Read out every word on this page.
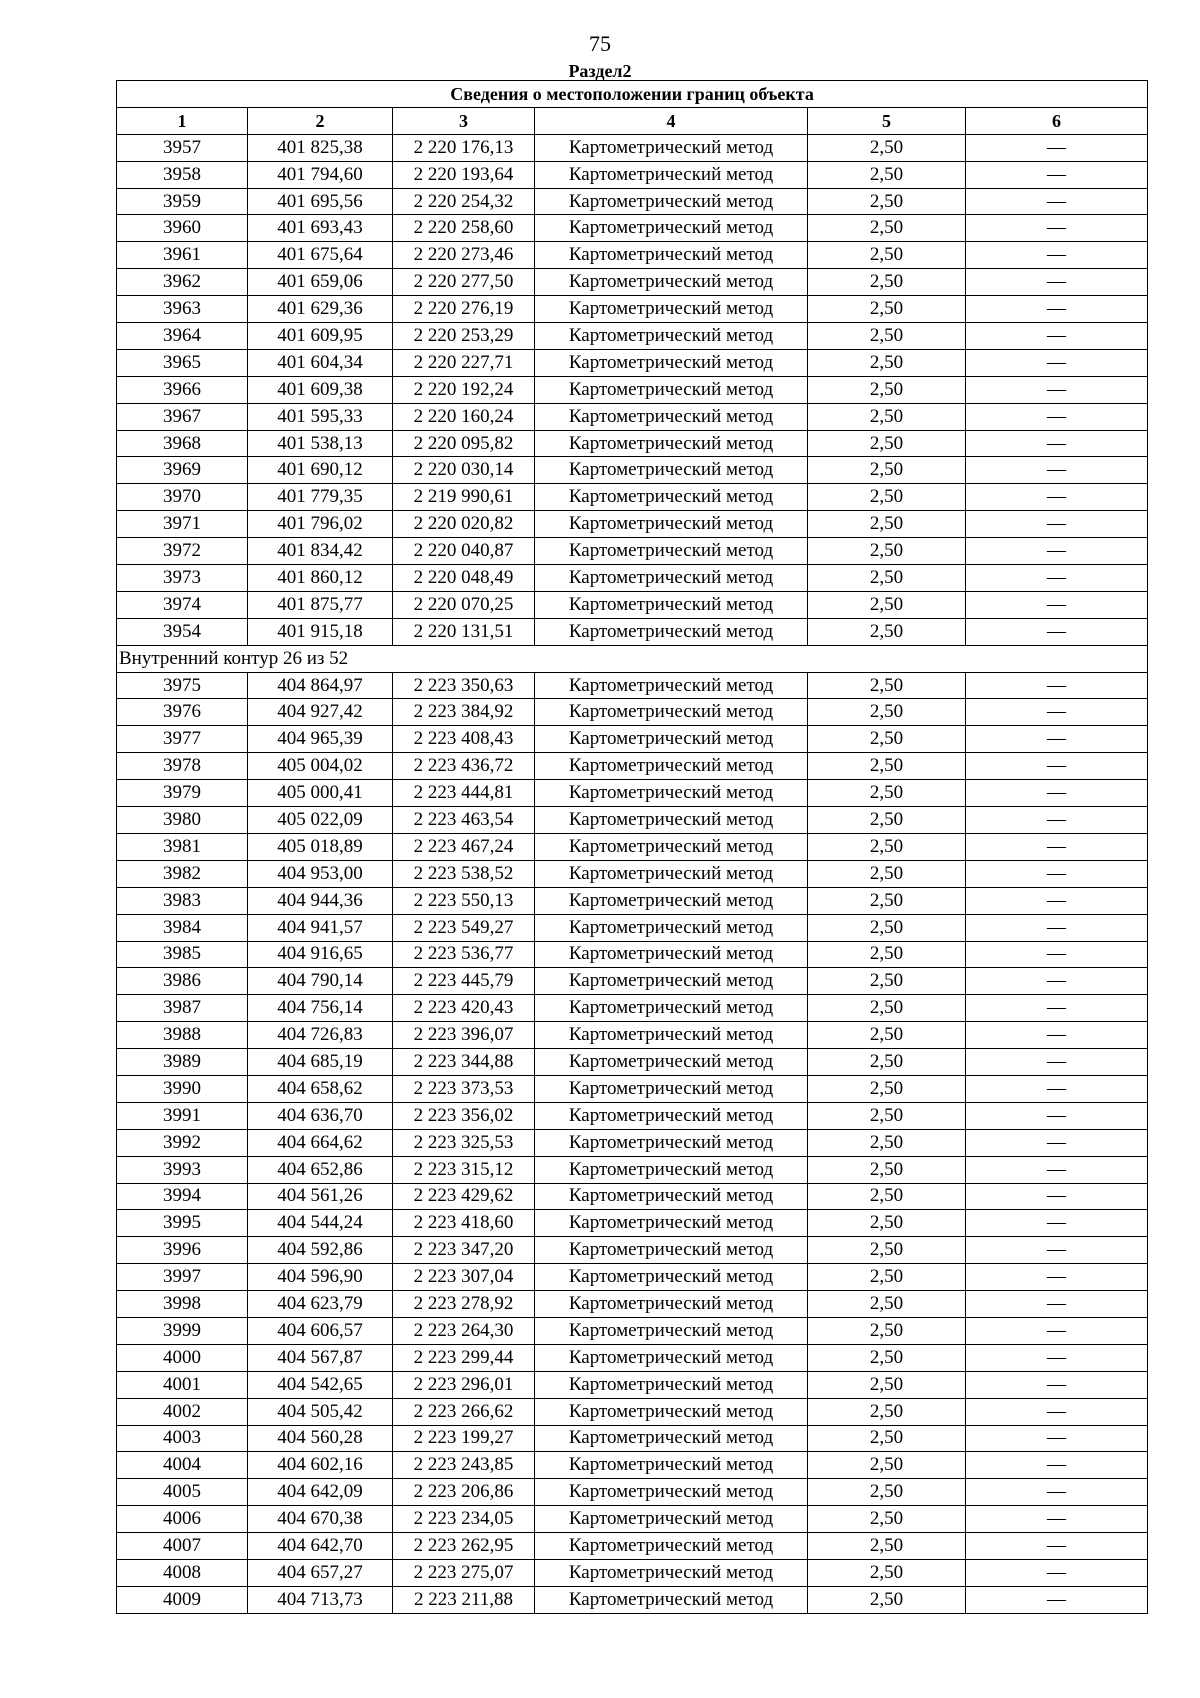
75
Раздел2
Сведения о местоположении границ объекта					
1	2	3	4	5	6
3957	401 825,38	2 220 176,13	Картометрический метод	2,50	—
3958	401 794,60	2 220 193,64	Картометрический метод	2,50	—
3959	401 695,56	2 220 254,32	Картометрический метод	2,50	—
3960	401 693,43	2 220 258,60	Картометрический метод	2,50	—
3961	401 675,64	2 220 273,46	Картометрический метод	2,50	—
3962	401 659,06	2 220 277,50	Картометрический метод	2,50	—
3963	401 629,36	2 220 276,19	Картометрический метод	2,50	—
3964	401 609,95	2 220 253,29	Картометрический метод	2,50	—
3965	401 604,34	2 220 227,71	Картометрический метод	2,50	—
3966	401 609,38	2 220 192,24	Картометрический метод	2,50	—
3967	401 595,33	2 220 160,24	Картометрический метод	2,50	—
3968	401 538,13	2 220 095,82	Картометрический метод	2,50	—
3969	401 690,12	2 220 030,14	Картометрический метод	2,50	—
3970	401 779,35	2 219 990,61	Картометрический метод	2,50	—
3971	401 796,02	2 220 020,82	Картометрический метод	2,50	—
3972	401 834,42	2 220 040,87	Картометрический метод	2,50	—
3973	401 860,12	2 220 048,49	Картометрический метод	2,50	—
3974	401 875,77	2 220 070,25	Картометрический метод	2,50	—
3954	401 915,18	2 220 131,51	Картометрический метод	2,50	—
Внутренний контур 26 из 52					
3975	404 864,97	2 223 350,63	Картометрический метод	2,50	—
3976	404 927,42	2 223 384,92	Картометрический метод	2,50	—
3977	404 965,39	2 223 408,43	Картометрический метод	2,50	—
3978	405 004,02	2 223 436,72	Картометрический метод	2,50	—
3979	405 000,41	2 223 444,81	Картометрический метод	2,50	—
3980	405 022,09	2 223 463,54	Картометрический метод	2,50	—
3981	405 018,89	2 223 467,24	Картометрический метод	2,50	—
3982	404 953,00	2 223 538,52	Картометрический метод	2,50	—
3983	404 944,36	2 223 550,13	Картометрический метод	2,50	—
3984	404 941,57	2 223 549,27	Картометрический метод	2,50	—
3985	404 916,65	2 223 536,77	Картометрический метод	2,50	—
3986	404 790,14	2 223 445,79	Картометрический метод	2,50	—
3987	404 756,14	2 223 420,43	Картометрический метод	2,50	—
3988	404 726,83	2 223 396,07	Картометрический метод	2,50	—
3989	404 685,19	2 223 344,88	Картометрический метод	2,50	—
3990	404 658,62	2 223 373,53	Картометрический метод	2,50	—
3991	404 636,70	2 223 356,02	Картометрический метод	2,50	—
3992	404 664,62	2 223 325,53	Картометрический метод	2,50	—
3993	404 652,86	2 223 315,12	Картометрический метод	2,50	—
3994	404 561,26	2 223 429,62	Картометрический метод	2,50	—
3995	404 544,24	2 223 418,60	Картометрический метод	2,50	—
3996	404 592,86	2 223 347,20	Картометрический метод	2,50	—
3997	404 596,90	2 223 307,04	Картометрический метод	2,50	—
3998	404 623,79	2 223 278,92	Картометрический метод	2,50	—
3999	404 606,57	2 223 264,30	Картометрический метод	2,50	—
4000	404 567,87	2 223 299,44	Картометрический метод	2,50	—
4001	404 542,65	2 223 296,01	Картометрический метод	2,50	—
4002	404 505,42	2 223 266,62	Картометрический метод	2,50	—
4003	404 560,28	2 223 199,27	Картометрический метод	2,50	—
4004	404 602,16	2 223 243,85	Картометрический метод	2,50	—
4005	404 642,09	2 223 206,86	Картометрический метод	2,50	—
4006	404 670,38	2 223 234,05	Картометрический метод	2,50	—
4007	404 642,70	2 223 262,95	Картометрический метод	2,50	—
4008	404 657,27	2 223 275,07	Картометрический метод	2,50	—
4009	404 713,73	2 223 211,88	Картометрический метод	2,50	—
